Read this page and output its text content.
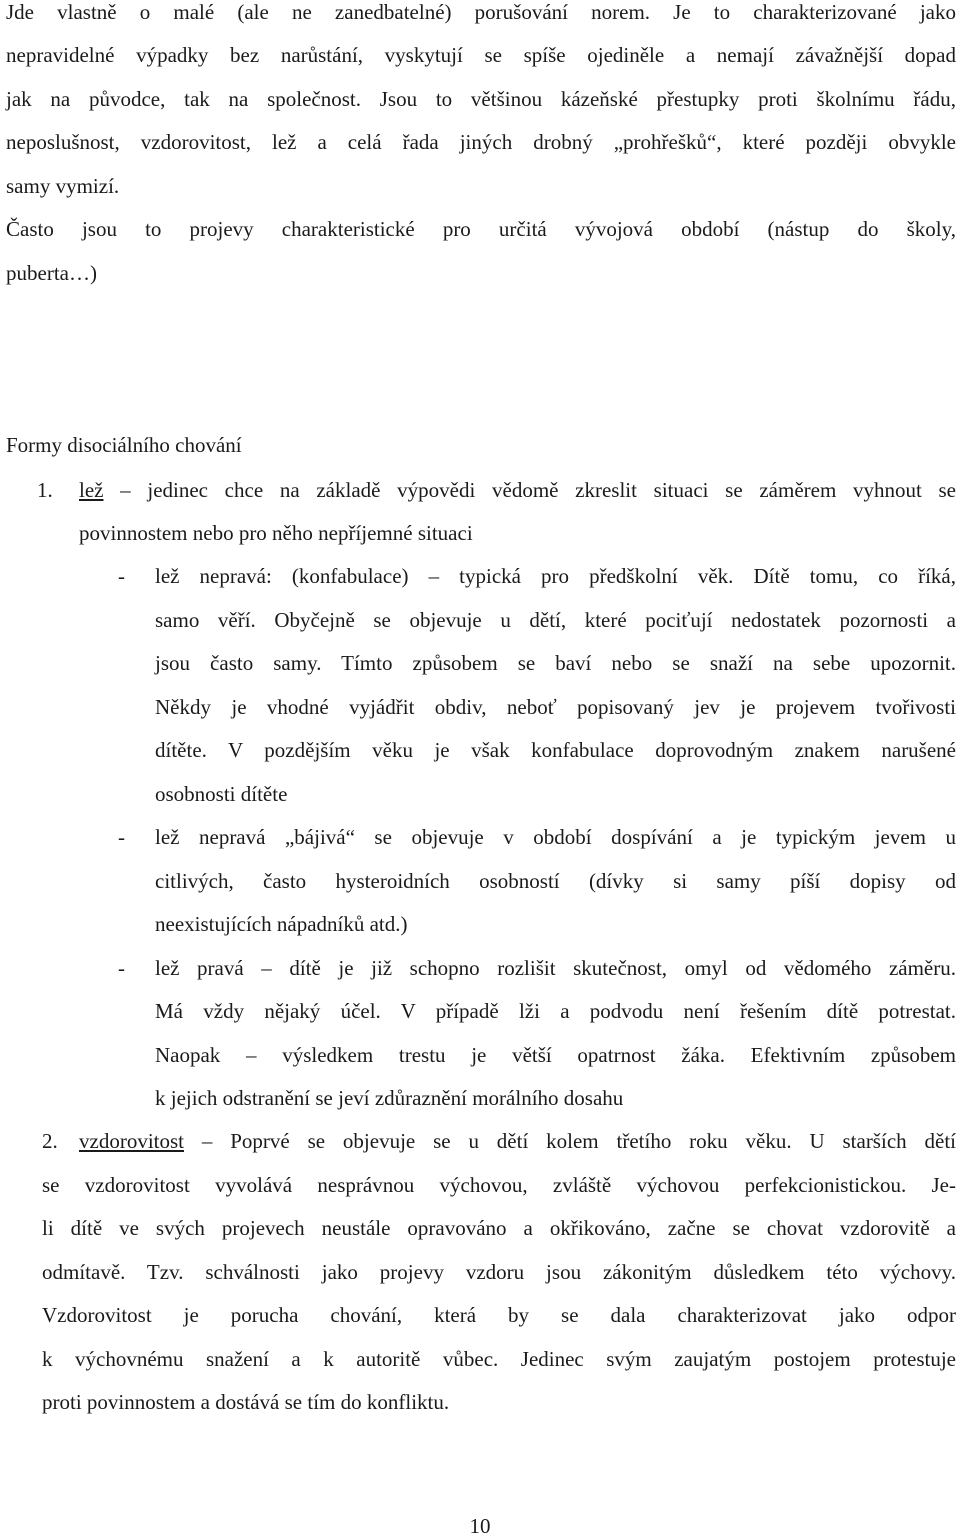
Jde vlastně o malé (ale ne zanedbatelné) porušování norem. Je to charakterizované jako
nepravidelné výpadky bez narůstání, vyskytují se spíše ojediněle a nemají závažnější dopad
jak na původce, tak na společnost. Jsou to většinou kázeňské přestupky proti školnímu řádu,
neposlušnost, vzdorovitost, lež a celá řada jiných drobný „prohřešků“, které později obvykle
samy vymizí.
Často jsou to projevy charakteristické pro určitá vývojová období (nástup do školy,
puberta…)
Formy disociálního chování
1. lež – jedinec chce na základě výpovědi vědomě zkreslit situaci se záměrem vyhnout se
povinnostem nebo pro něho nepříjemné situaci
- lež nepravá: (konfabulace) – typická pro předškolní věk. Dítě tomu, co říká,
samo věří. Obyčejně se objevuje u dětí, které pociťují nedostatek pozornosti a
jsou často samy. Tímto způsobem se baví nebo se snaží na sebe upozornit.
Někdy je vhodné vyjádřit obdiv, neboť popisovaný jev je projevem tvořivosti
dítěte. V pozdějším věku je však konfabulace doprovodným znakem narušené
osobnosti dítěte
- lež nepravá „bájivá“ se objevuje v období dospívání a je typickým jevem u
citlivých, často hysteroidních osobností (dívky si samy píší dopisy od
neexistujících nápadníků atd.)
- lež pravá – dítě je již schopno rozlišit skutečnost, omyl od vědomého záměru.
Má vždy nějaký účel. V případě lži a podvodu není řešením dítě potrestat.
Naopak – výsledkem trestu je větší opatrnost žáka. Efektivním způsobem
k jejich odstranění se jeví zdůraznění morálního dosahu
2. vzdorovitost – Poprvé se objevuje se u dětí kolem třetího roku věku. U starších dětí
se vzdorovitost vyvolává nesprávnou výchovou, zvláště výchovou perfekcionistickou. Je-
li dítě ve svých projevech neustále opravováno a okřikováno, začne se chovat vzdorovitě a
odmítavě. Tzv. schválnosti jako projevy vzdoru jsou zákonitým důsledkem této výchovy.
Vzdorovitost je porucha chování, která by se dala charakterizovat jako odpor
k výchovnému snažení a k autoritě vůbec. Jedinec svým zaujatým postojem protestuje
proti povinnostem a dostává se tím do konfliktu.
10
